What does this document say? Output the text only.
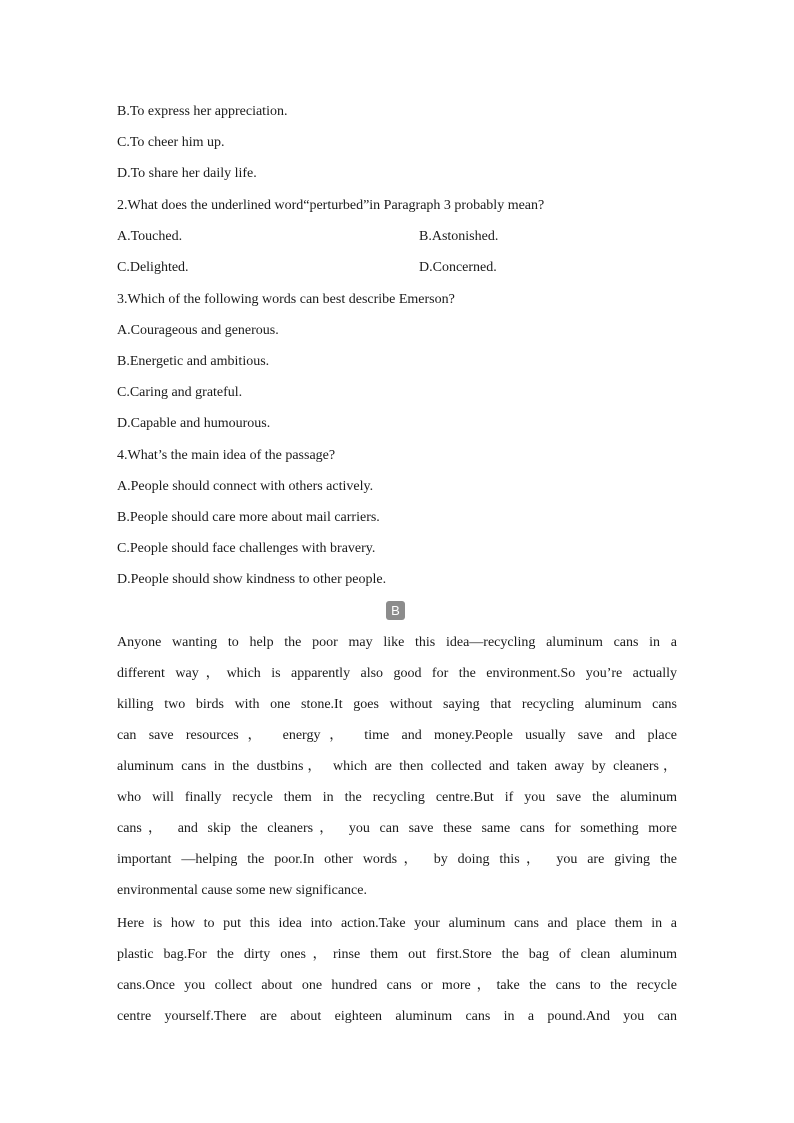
B.To express her appreciation.
C.To cheer him up.
D.To share her daily life.
2.What does the underlined word“perturbed”in Paragraph 3 probably mean?
A.Touched.	B.Astonished.
C.Delighted.	D.Concerned.
3.Which of the following words can best describe Emerson?
A.Courageous and generous.
B.Energetic and ambitious.
C.Caring and grateful.
D.Capable and humourous.
4.What’s the main idea of the passage?
A.People should connect with others actively.
B.People should care more about mail carriers.
C.People should face challenges with bravery.
D.People should show kindness to other people.
B
Anyone wanting to help the poor may like this idea—recycling aluminum cans in a
different way，which is apparently also good for the environment.So you’re actually
killing two birds with one stone.It goes without saying that recycling aluminum cans
can save resources， energy， time and money.People usually save and place
aluminum cans in the dustbins， which are then collected and taken away by cleaners，
who will finally recycle them in the recycling centre.But if you save the aluminum
cans， and skip the cleaners， you can save these same cans for something more
important —helping the poor.In other words， by doing this， you are giving the
environmental cause some new significance.
Here is how to put this idea into action.Take your aluminum cans and place them in a
plastic bag.For the dirty ones，rinse them out first.Store the bag of clean aluminum
cans.Once you collect about one hundred cans or more，take the cans to the recycle
centre yourself.There are about eighteen aluminum cans in a pound.And you can
